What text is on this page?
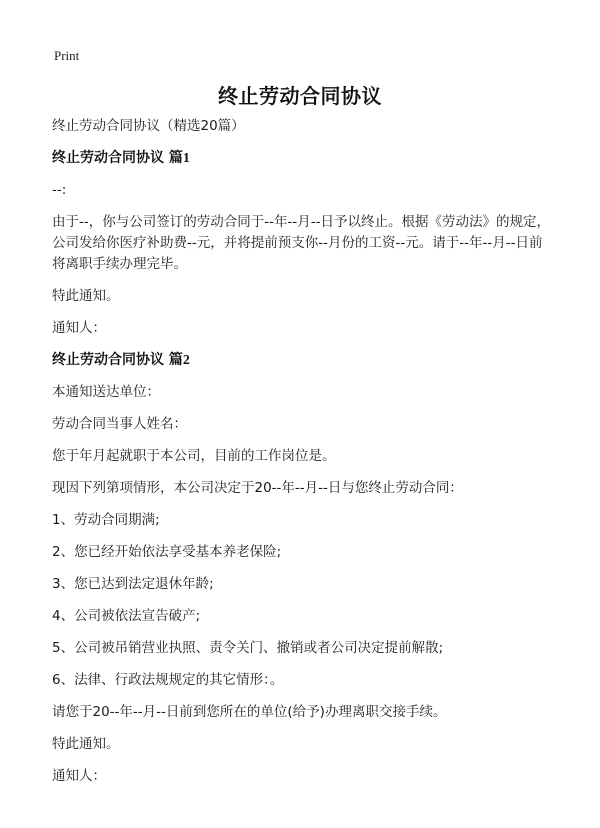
Print
终止劳动合同协议

终止劳动合同协议（精选20篇）

终止劳动合同协议 篇1

--:

由于--，你与公司签订的劳动合同于--年--月--日予以终止。根据《劳动法》的规定，公司发给你医疗补助费--元，并将提前预支你--月份的工资--元。请于--年--月--日前将离职手续办理完毕。

特此通知。

通知人：

终止劳动合同协议 篇2

本通知送达单位：

劳动合同当事人姓名：

您于年月起就职于本公司，目前的工作岗位是。

现因下列第项情形，本公司决定于20--年--月--日与您终止劳动合同：

1、劳动合同期满;

2、您已经开始依法享受基本养老保险;

3、您已达到法定退休年龄;

4、公司被依法宣告破产;

5、公司被吊销营业执照、责令关门、撤销或者公司决定提前解散;

6、法律、行政法规规定的其它情形：。

请您于20--年--月--日前到您所在的单位(给予)办理离职交接手续。

特此通知。

通知人：
